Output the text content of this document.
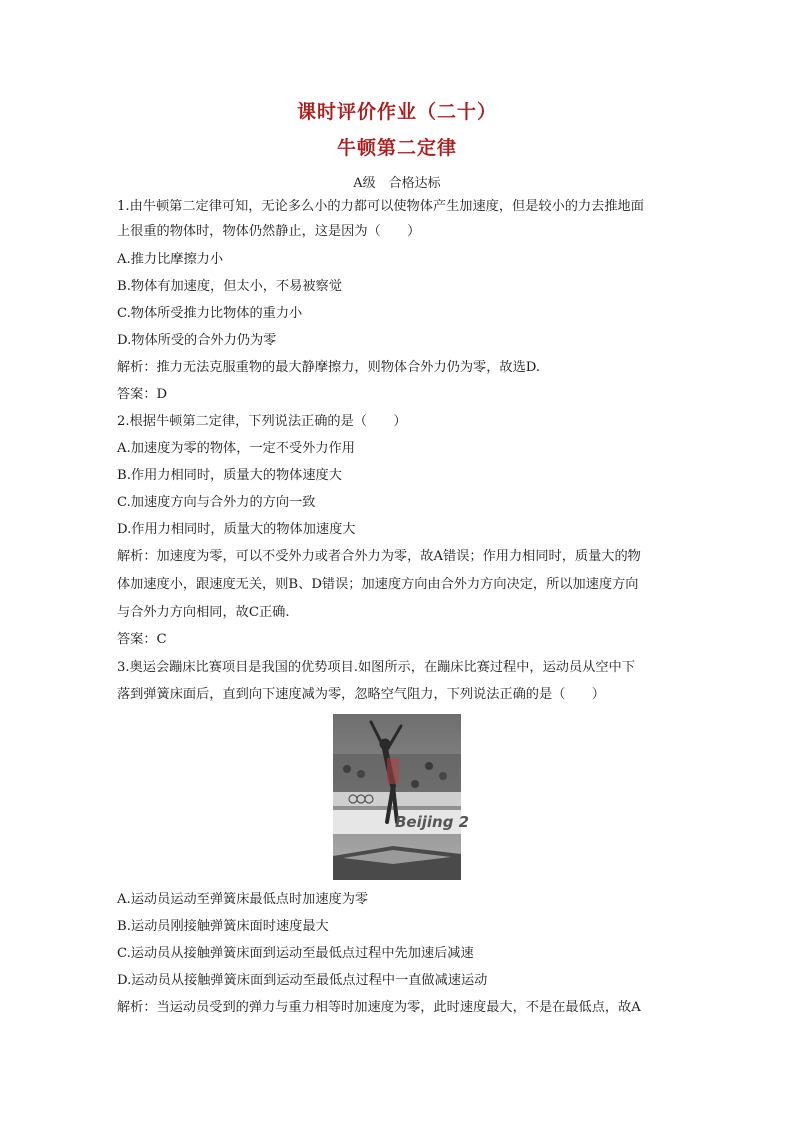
课时评价作业（二十）
牛顿第二定律
A级　合格达标
1.由牛顿第二定律可知，无论多么小的力都可以使物体产生加速度，但是较小的力去推地面
上很重的物体时，物体仍然静止，这是因为（　　）
A.推力比摩擦力小
B.物体有加速度，但太小，不易被察觉
C.物体所受推力比物体的重力小
D.物体所受的合外力仍为零
解析：推力无法克服重物的最大静摩擦力，则物体合外力仍为零，故选D.
答案：D
2.根据牛顿第二定律，下列说法正确的是（　　）
A.加速度为零的物体，一定不受外力作用
B.作用力相同时，质量大的物体速度大
C.加速度方向与合外力的方向一致
D.作用力相同时，质量大的物体加速度大
解析：加速度为零，可以不受外力或者合外力为零，故A错误；作用力相同时，质量大的物
体加速度小，跟速度无关，则B、D错误；加速度方向由合外力方向决定，所以加速度方向
与合外力方向相同，故C正确.
答案：C
3.奥运会蹦床比赛项目是我国的优势项目.如图所示，在蹦床比赛过程中，运动员从空中下
落到弹簧床面后，直到向下速度减为零，忽略空气阻力，下列说法正确的是（　　）
A.运动员运动至弹簧床最低点时加速度为零
B.运动员刚接触弹簧床面时速度最大
C.运动员从接触弹簧床面到运动至最低点过程中先加速后减速
D.运动员从接触弹簧床面到运动至最低点过程中一直做减速运动
解析：当运动员受到的弹力与重力相等时加速度为零，此时速度最大，不是在最低点，故A
Beijing 2
